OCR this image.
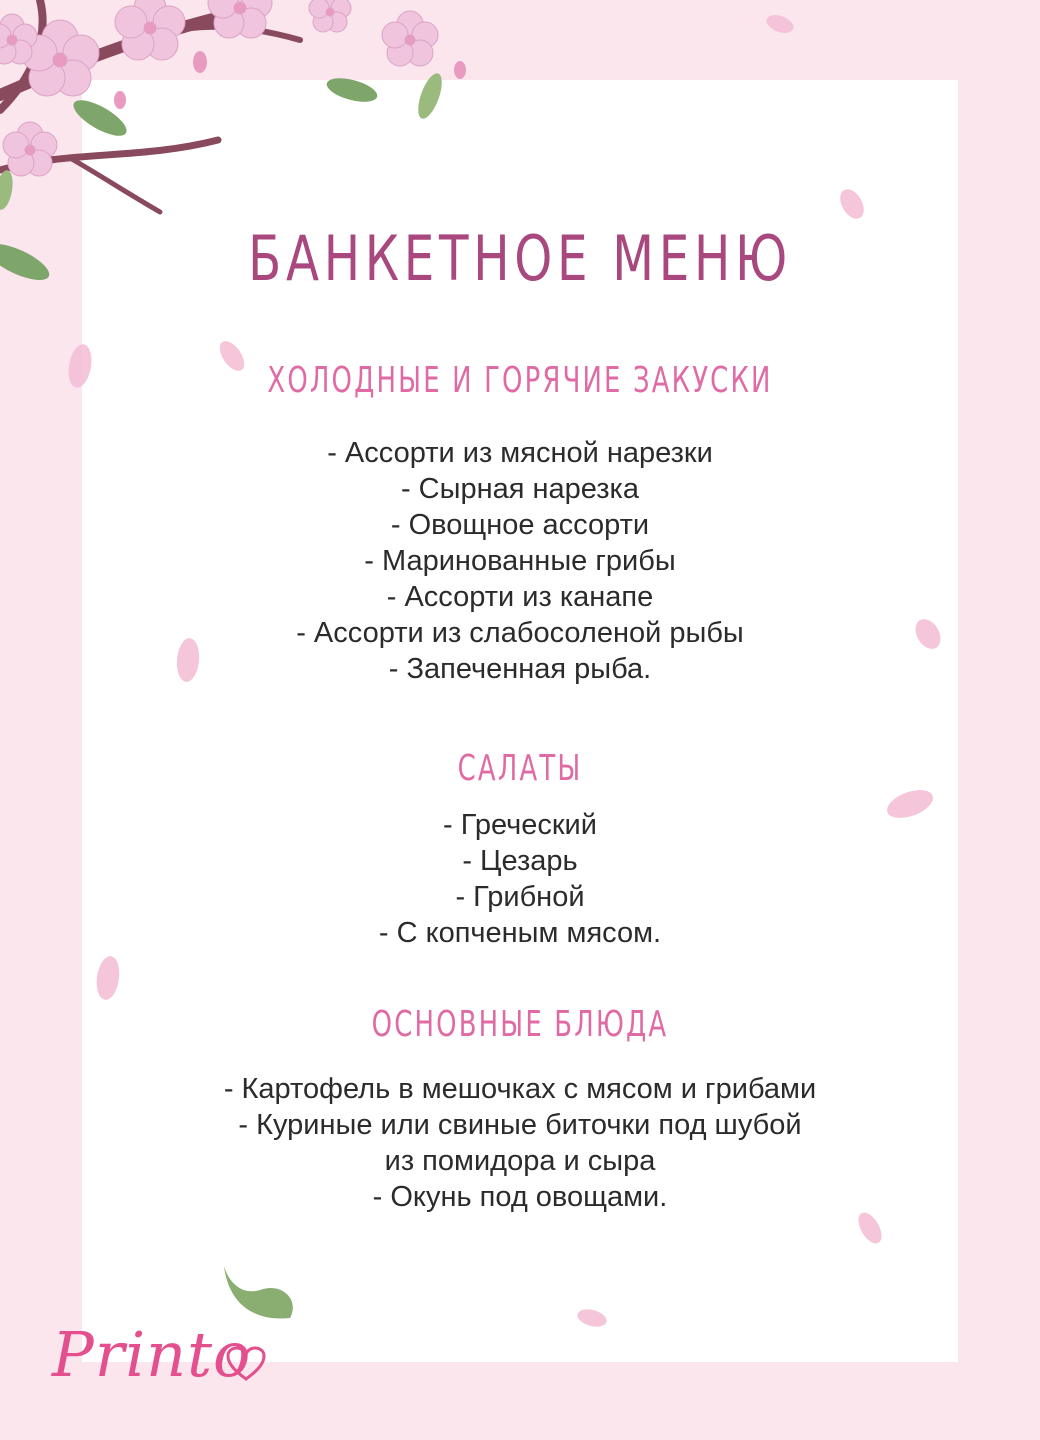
БАНКЕТНОЕ МЕНЮ
ХОЛОДНЫЕ И ГОРЯЧИЕ ЗАКУСКИ
- Ассорти из мясной нарезки
- Сырная нарезка
- Овощное ассорти
- Маринованные грибы
- Ассорти из канапе
- Ассорти из слабосоленой рыбы
- Запеченная рыба.
САЛАТЫ
- Греческий
- Цезарь
- Грибной
- С копченым мясом.
ОСНОВНЫЕ БЛЮДА
- Картофель в мешочках с мясом и грибами
- Куриные или свиные биточки под шубой
из помидора и сыра
- Окунь под овощами.
Printo
